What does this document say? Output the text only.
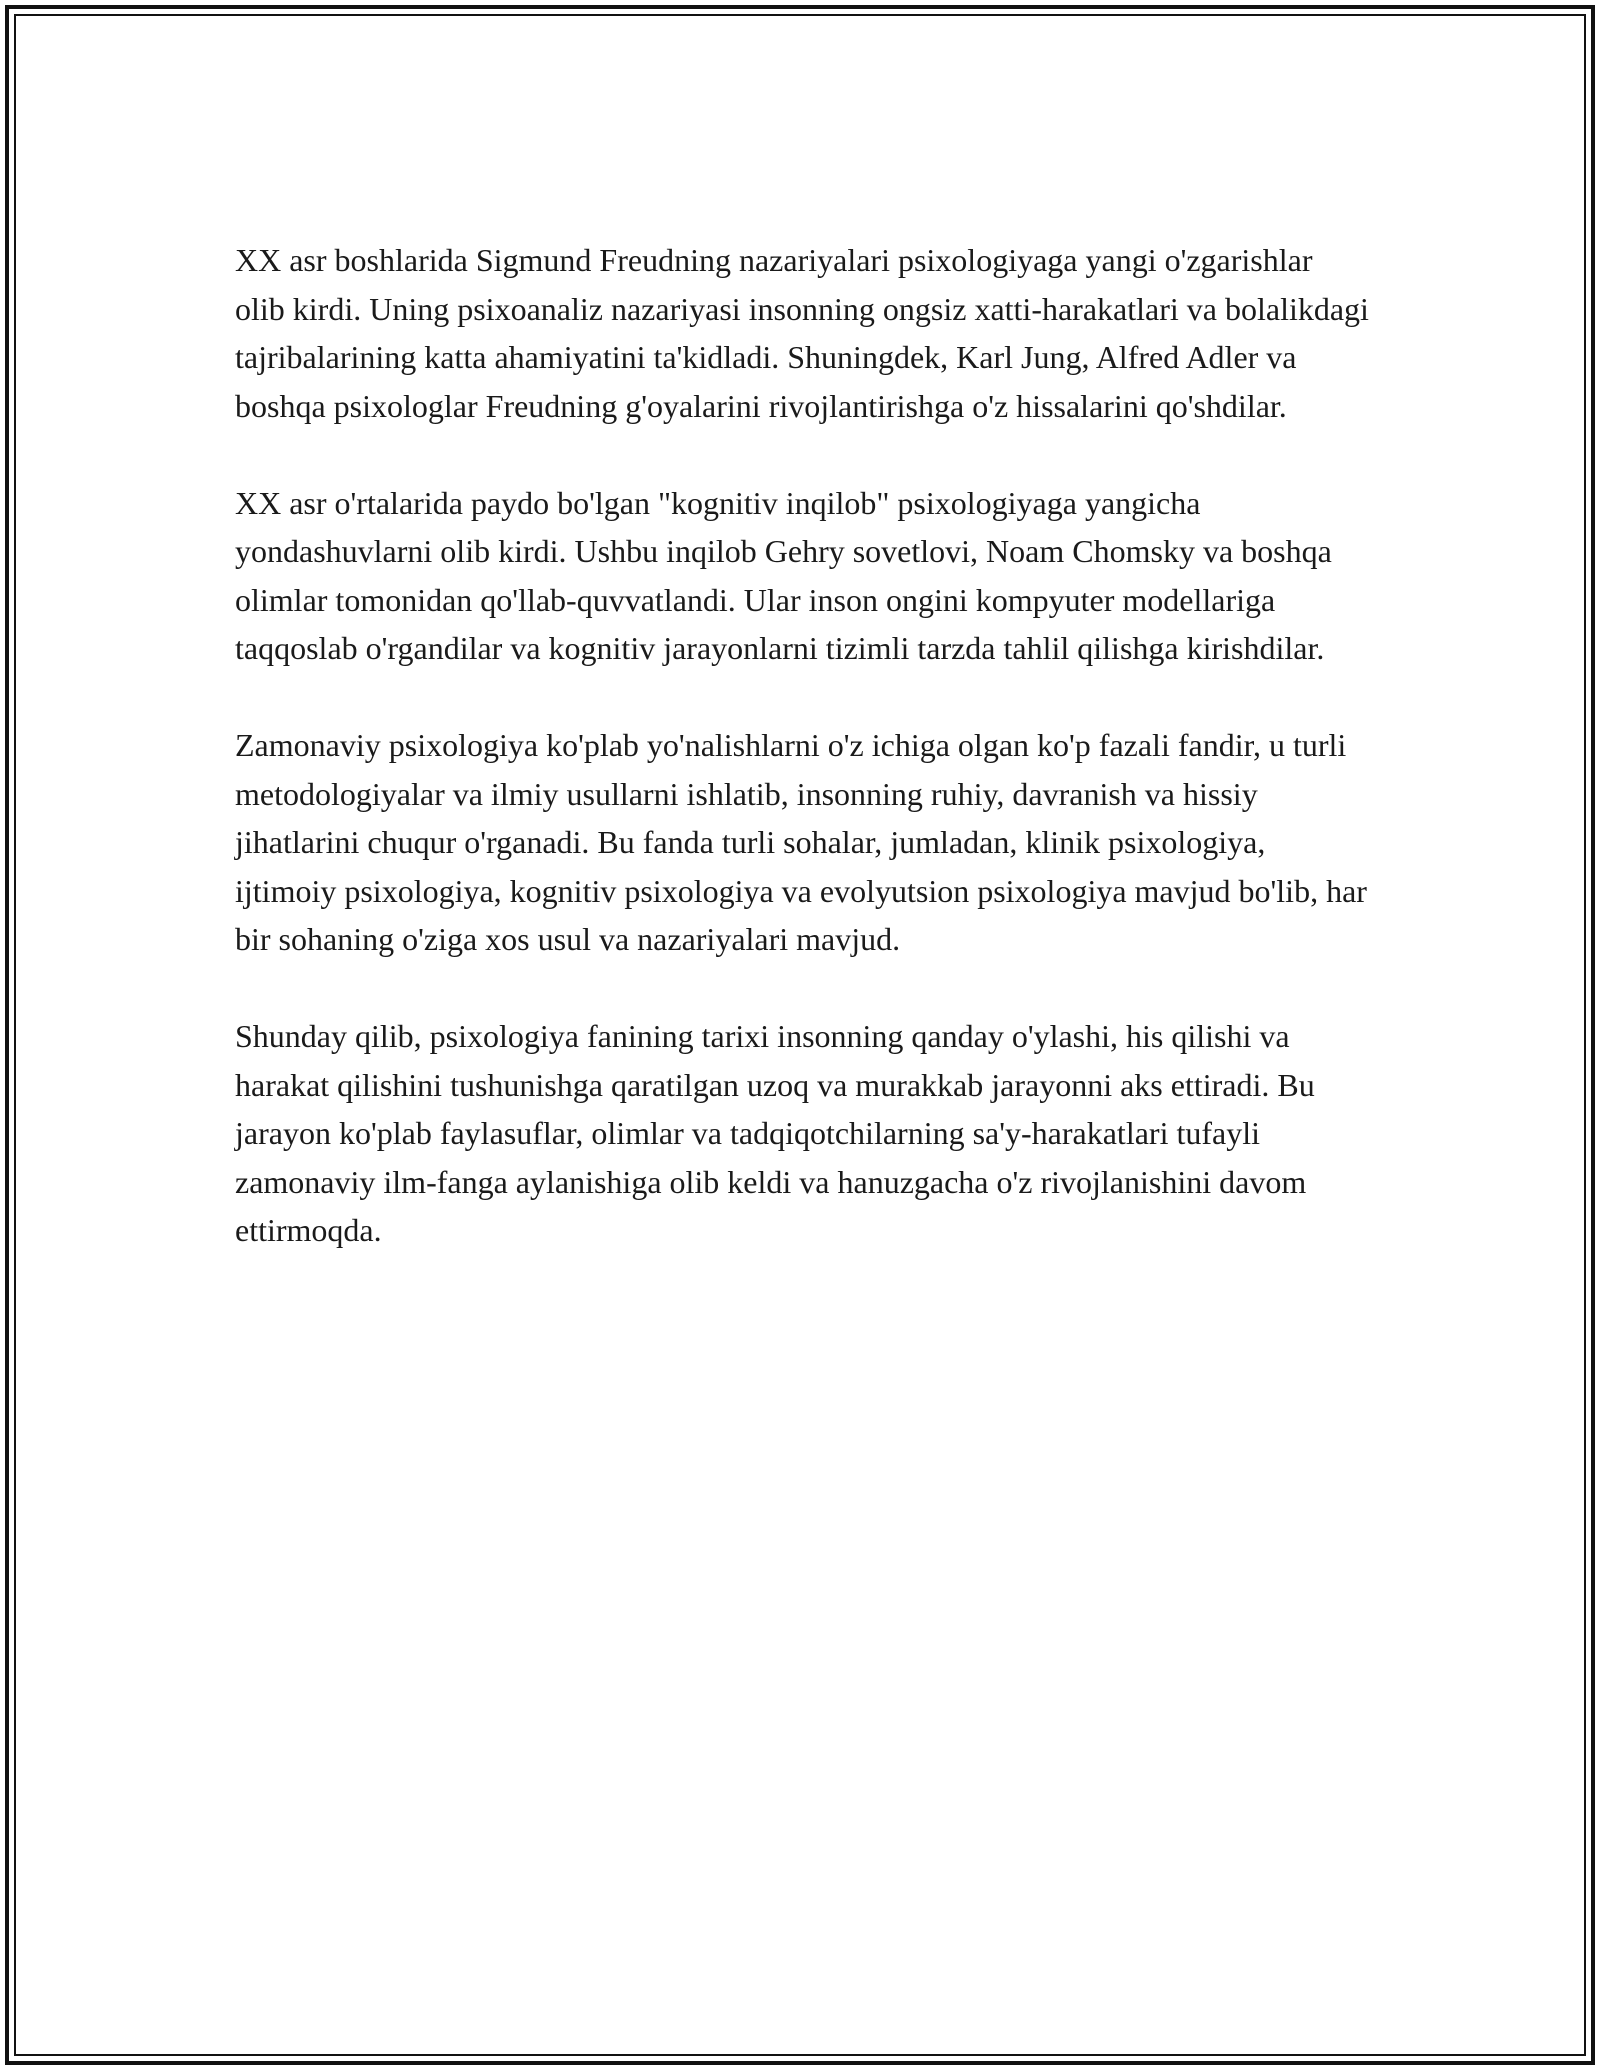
XX asr boshlarida Sigmund Freudning nazariyalari psixologiyaga yangi o'zgarishlar olib kirdi. Uning psixoanaliz nazariyasi insonning ongsiz xatti-harakatlari va bolalikdagi tajribalarining katta ahamiyatini ta'kidladi. Shuningdek, Karl Jung, Alfred Adler va boshqa psixologlar Freudning g'oyalarini rivojlantirishga o'z hissalarini qo'shdilar.

XX asr o'rtalarida paydo bo'lgan "kognitiv inqilob" psixologiyaga yangicha yondashuvlarni olib kirdi. Ushbu inqilob Gehry sovetlovi, Noam Chomsky va boshqa olimlar tomonidan qo'llab-quvvatlandi. Ular inson ongini kompyuter modellariga taqqoslab o'rgandilar va kognitiv jarayonlarni tizimli tarzda tahlil qilishga kirishdilar.

Zamonaviy psixologiya ko'plab yo'nalishlarni o'z ichiga olgan ko'p fazali fandir, u turli metodologiyalar va ilmiy usullarni ishlatib, insonning ruhiy, davranish va hissiy jihatlarini chuqur o'rganadi. Bu fanda turli sohalar, jumladan, klinik psixologiya, ijtimoiy psixologiya, kognitiv psixologiya va evolyutsion psixologiya mavjud bo'lib, har bir sohaning o'ziga xos usul va nazariyalari mavjud.

Shunday qilib, psixologiya fanining tarixi insonning qanday o'ylashi, his qilishi va harakat qilishini tushunishga qaratilgan uzoq va murakkab jarayonni aks ettiradi. Bu jarayon ko'plab faylasuflar, olimlar va tadqiqotchilarning sa'y-harakatlari tufayli zamonaviy ilm-fanga aylanishiga olib keldi va hanuzgacha o'z rivojlanishini davom ettirmoqda.
